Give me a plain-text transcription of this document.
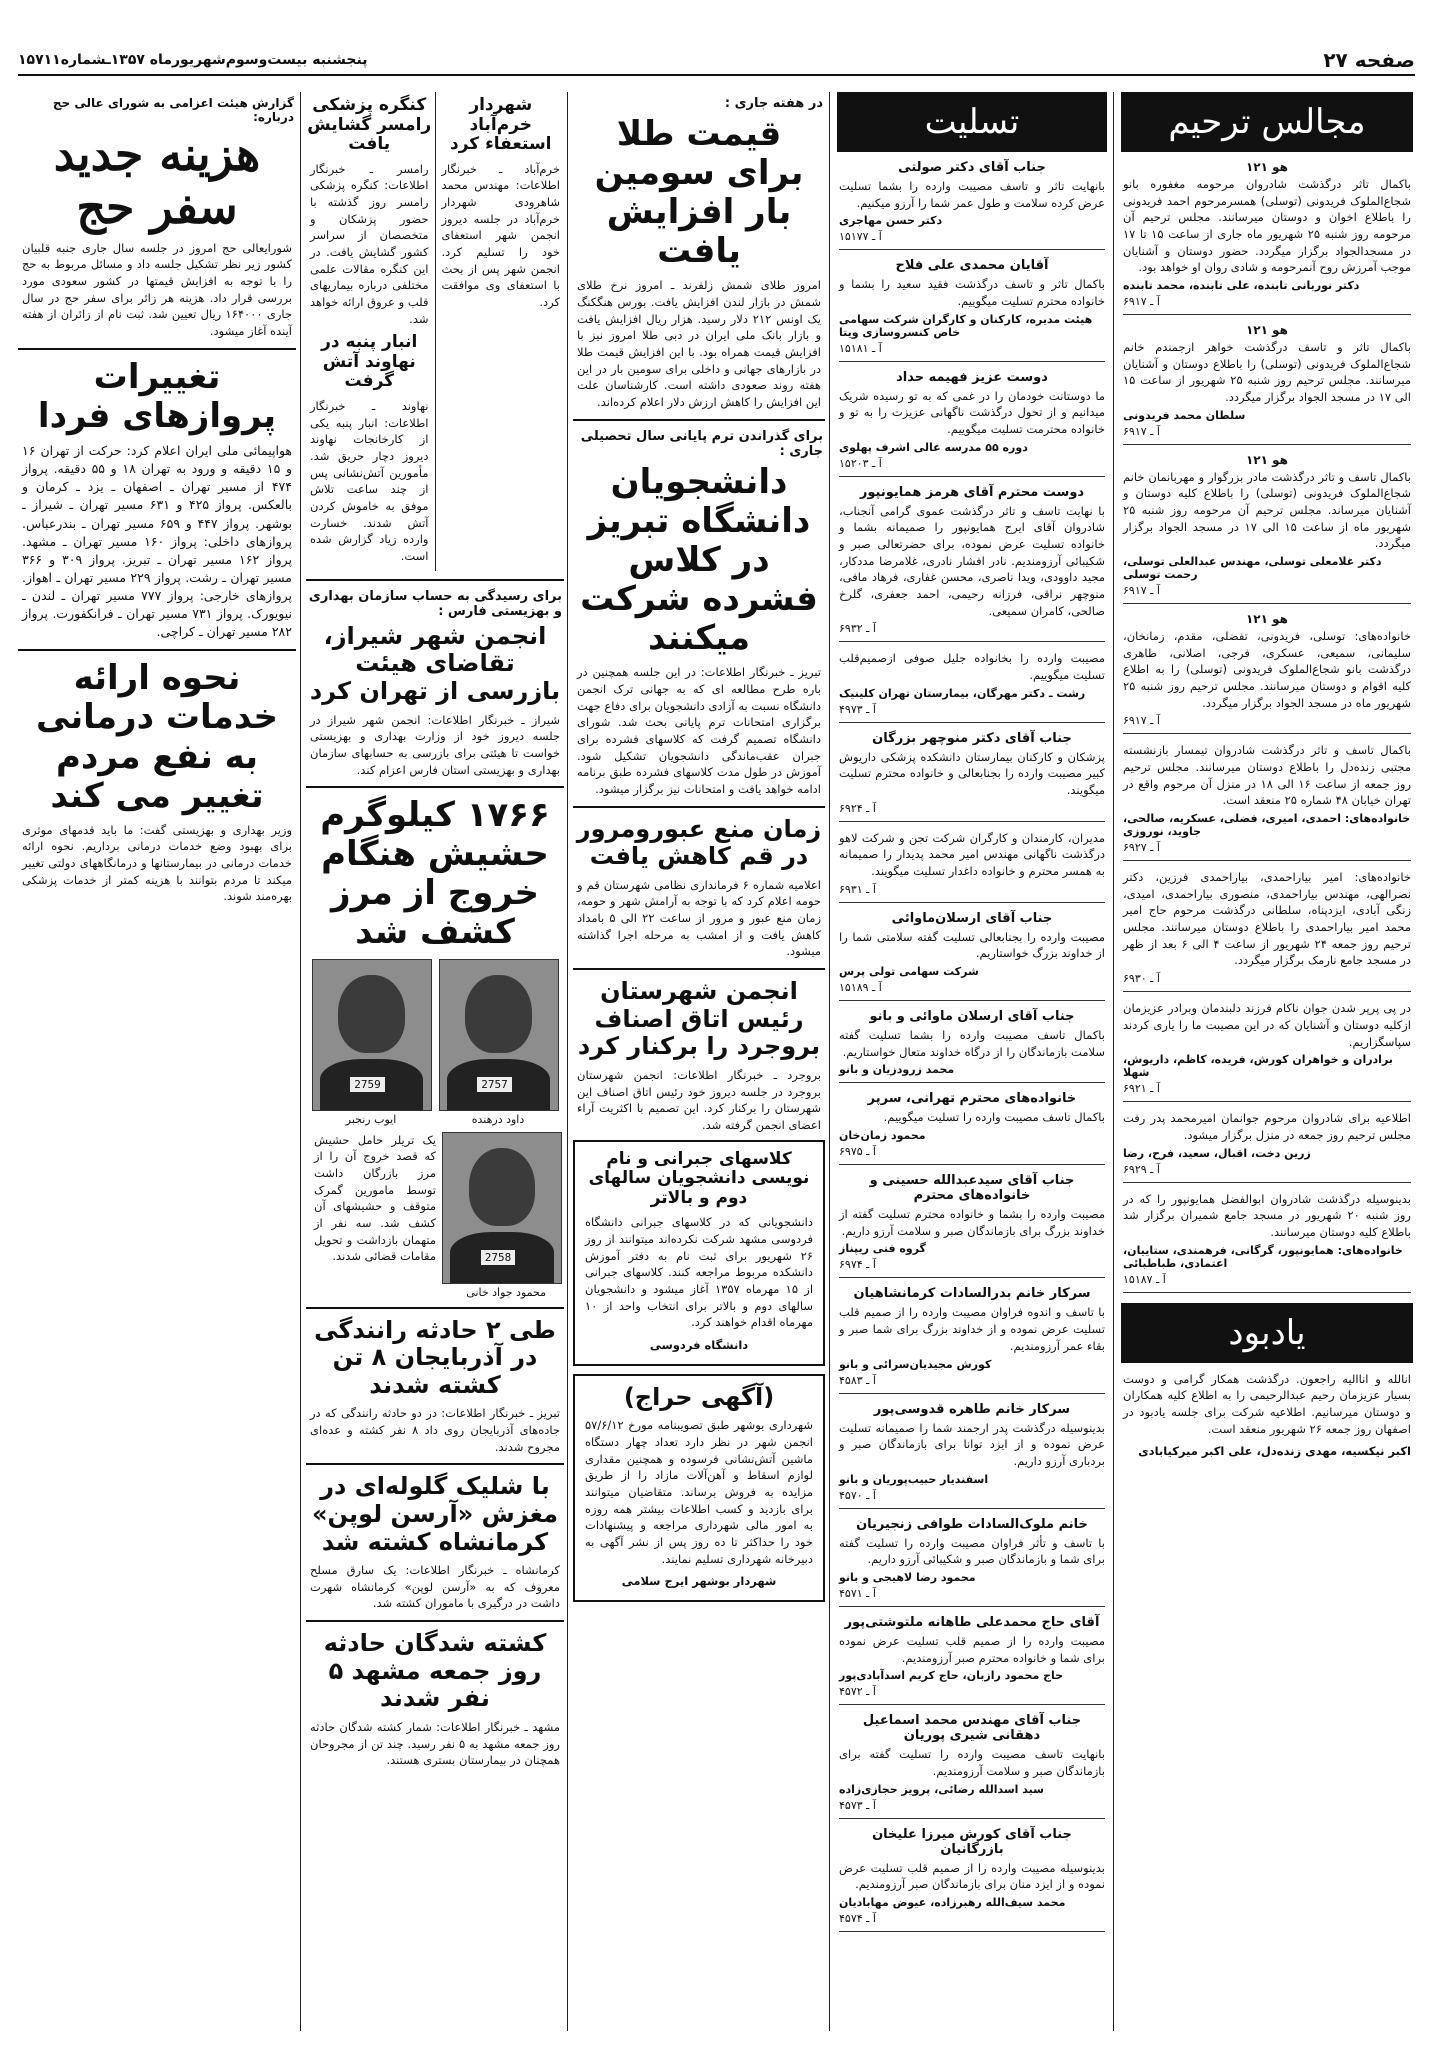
صفحه ۲۷
پنجشنبه بیست‌وسوم‌شهریورماه ۱۳۵۷ـشماره۱۵۷۱۱
مجالس ترحیم
هو ۱۲۱
باکمال تاثر درگذشت شادروان مرحومه مغفوره بانو شجاع‌الملوک فریدونی (توسلی) همسرمرحوم احمد فریدونی را باطلاع اخوان و دوستان میرسانند. مجلس ترحیم آن مرحومه روز شنبه ۲۵ شهریور ماه جاری از ساعت ۱۵ تا ۱۷ در مسجدالجواد برگزار میگردد. حضور دوستان و آشنایان موجب آمرزش روح آنمرحومه و شادی روان او خواهد بود.
دکتر نوربانی تابنده، علی تابنده، محمد تابنده
آ ـ ۶۹۱۷
هو ۱۲۱
باکمال تاثر و تاسف درگذشت خواهر ارجمندم خانم شجاع‌الملوک فریدونی (توسلی) را باطلاع دوستان و آشنایان میرسانند. مجلس ترحیم روز شنبه ۲۵ شهریور از ساعت ۱۵ الی ۱۷ در مسجد الجواد برگزار میگردد.
سلطان محمد فریدونی
آ ـ ۶۹۱۷
هو ۱۲۱
باکمال تاسف و تاثر درگذشت مادر بزرگوار و مهربانمان خانم شجاع‌الملوک فریدونی (توسلی) را باطلاع کلیه دوستان و آشنایان میرساند. مجلس ترحیم آن مرحومه روز شنبه ۲۵ شهریور ماه از ساعت ۱۵ الی ۱۷ در مسجد الجواد برگزار میگردد.
دکتر غلامعلی توسلی، مهندس عبدالعلی توسلی، رحمت توسلی
آ ـ ۶۹۱۷
هو ۱۲۱
خانواده‌های: توسلی، فریدونی، تفضلی، مقدم، زمانخان، سلیمانی، سمیعی، عسکری، فرجی، اصلانی، طاهری درگذشت بانو شجاع‌الملوک فریدونی (توسلی) را به اطلاع کلیه اقوام و دوستان میرسانند. مجلس ترحیم روز شنبه ۲۵ شهریور ماه در مسجد الجواد برگزار میگردد.
آ ـ ۶۹۱۷
باکمال تاسف و تاثر درگذشت شادروان تیمسار بازنشسته مجتبی زنده‌دل را باطلاع دوستان میرسانند. مجلس ترحیم روز جمعه از ساعت ۱۶ الی ۱۸ در منزل آن مرحوم واقع در تهران خیابان ۴۸ شماره ۲۵ منعقد است.
خانواده‌های: احمدی، امیری، فضلی، عسکریه، صالحی، جاوید، نوروزی
آ ـ ۶۹۲۷
خانواده‌های: امیر بیاراحمدی، بیاراحمدی فرزین، دکتر نصرالهی، مهندس بیاراحمدی، منصوری بیاراحمدی، امیدی، زنگی آبادی، ایزدپناه، سلطانی درگذشت مرحوم حاج امیر محمد امیر بیاراحمدی را باطلاع دوستان میرسانند. مجلس ترحیم روز جمعه ۲۴ شهریور از ساعت ۴ الی ۶ بعد از ظهر در مسجد جامع نارمک برگزار میگردد.
آ ـ ۶۹۳۰
در پی پرپر شدن جوان ناکام فرزند دلبندمان وبرادر عزیزمان ازکلیه دوستان و آشنایان که در این مصیبت ما را یاری کردند سپاسگزاریم.
برادران و خواهران کورش، فریده، کاظم، داریوش، شهلا
آ ـ ۶۹۲۱
اطلاعیه برای شادروان مرحوم جوانمان امیرمحمد پدر رفت مجلس ترحیم روز جمعه در منزل برگزار میشود.
زرین دخت، اقبال، سعید، فرح، رضا
آ ـ ۶۹۲۹
بدینوسیله درگذشت شادروان ابوالفضل همایونپور را که در روز شنبه ۲۰ شهریور در مسجد جامع شمیران برگزار شد باطلاع کلیه دوستان میرسانند.
خانواده‌های: همایونپور، گرگانی، فرهمندی، ستاییان، اعتمادی، طباطبائی
آ ـ ۱۵۱۸۷
یادبود
انالله و اناالیه راجعون. درگذشت همکار گرامی و دوست بسیار عزیزمان رحیم عبدالرحیمی را به اطلاع کلیه همکاران و دوستان میرسانیم. اطلاعیه شرکت برای جلسه یادبود در اصفهان روز جمعه ۲۶ شهریور منعقد است.
اکبر نیکسیه، مهدی زنده‌دل، علی اکبر میرکیابادی
تسلیت
جناب آقای دکتر صولتی
بانهایت تاثر و تاسف مصیبت وارده را بشما تسلیت عرض کرده سلامت و طول عمر شما را آرزو میکنیم.
دکتر حسن مهاجری
آ ـ ۱۵۱۷۷
آقایان محمدی علی فلاح
باکمال تاثر و تاسف درگذشت فقید سعید را بشما و خانواده محترم تسلیت میگوییم.
هیئت مدیره، کارکنان و کارگران شرکت سهامی خاص کنسروسازی ویتا
آ ـ ۱۵۱۸۱
دوست عزیز فهیمه حداد
ما دوستانت خودمان را در غمی که به تو رسیده شریک میدانیم و از تحول درگذشت ناگهانی عزیزت را به تو و خانواده محترمت تسلیت میگوییم.
دوره ۵۵ مدرسه عالی اشرف پهلوی
آ ـ ۱۵۲۰۳
دوست محترم آقای هرمز همایونپور
با نهایت تاسف و تاثر درگذشت عموی گرامی آنجناب، شادروان آقای ایرج همایونپور را صمیمانه بشما و خانواده تسلیت عرض نموده، برای حضرتعالی صبر و شکیبائی آرزومندیم. نادر افشار نادری، غلامرضا مددکار، مجید داوودی، ویدا ناصری، محسن غفاری، فرهاد مافی، منوچهر نراقی، فرزانه رحیمی، احمد جعفری، گلرخ صالحی، کامران سمیعی.
آ ـ ۶۹۳۲
مصیبت وارده را بخانواده جلیل صوفی ازصمیم‌قلب تسلیت میگوییم.
رشت ـ دکتر مهرگان، بیمارستان تهران کلینیک
آ ـ ۴۹۷۳
جناب آقای دکتر منوچهر بزرگان
پزشکان و کارکنان بیمارستان دانشکده پزشکی داریوش کبیر مصیبت وارده را بجنابعالی و خانواده محترم تسلیت میگویند.
آ ـ ۶۹۲۴
مدیران، کارمندان و کارگران شرکت تجن و شرکت لاهو درگذشت ناگهانی مهندس امیر محمد پدیدار را صمیمانه به همسر محترم و خانواده داغدار تسلیت میگویند.
آ ـ ۶۹۳۱
جناب آقای ارسلان‌ماوائی
مصیبت وارده را بجنابعالی تسلیت گفته سلامتی شما را از خداوند بزرگ خواستاریم.
شرکت سهامی تولی پرس
آ ـ ۱۵۱۸۹
جناب آقای ارسلان ماوائی و بانو
باکمال تاسف مصیبت وارده را بشما تسلیت گفته سلامت بازماندگان را از درگاه خداوند متعال خواستاریم.
محمد زرودزیان و بانو
خانواده‌های محترم تهرانی، سرپر
باکمال تاسف مصیبت وارده را تسلیت میگوییم.
محمود زمان‌خان
آ ـ ۶۹۷۵
جناب آقای سیدعبدالله حسینی و خانواده‌های محترم
مصیبت وارده را بشما و خانواده محترم تسلیت گفته از خداوند بزرگ برای بازماندگان صبر و سلامت آرزو داریم.
گروه فنی ریپناز
آ ـ ۶۹۷۴
سرکار خانم بدرالسادات کرمانشاهیان
با تاسف و اندوه فراوان مصیبت وارده را از صمیم قلب تسلیت عرض نموده و از خداوند بزرگ برای شما صبر و بقاء عمر آرزومندیم.
کورش مجیدیان‌سرائی و بانو
آ ـ ۴۵۸۳
سرکار خانم طاهره قدوسی‌پور
بدینوسیله درگذشت پدر ارجمند شما را صمیمانه تسلیت عرض نموده و از ایزد توانا برای بازماندگان صبر و بردباری آرزو داریم.
اسفندیار حبیب‌پوریان و بانو
آ ـ ۴۵۷۰
خانم ملوک‌السادات طوافی زنجیریان
با تاسف و تأثر فراوان مصیبت وارده را تسلیت گفته برای شما و بازماندگان صبر و شکیبائی آرزو داریم.
محمود رضا لاهیجی و بانو
آ ـ ۴۵۷۱
آقای حاج محمدعلی طاهانه ملتوشتی‌پور
مصیبت وارده را از صمیم قلب تسلیت عرض نموده برای شما و خانواده محترم صبر آرزومندیم.
حاج محمود رازبان، حاج کریم اسدآبادی‌پور
آ ـ ۴۵۷۲
جناب آقای مهندس محمد اسماعیل دهقانی شیری پوریان
بانهایت تاسف مصیبت وارده را تسلیت گفته برای بازماندگان صبر و سلامت آرزومندیم.
سید اسدالله رضائی، پرویز حجازی‌زاده
آ ـ ۴۵۷۳
جناب آقای کورش میرزا علیخان بازرگانیان
بدینوسیله مصیبت وارده را از صمیم قلب تسلیت عرض نموده و از ایزد منان برای بازماندگان صبر آرزومندیم.
محمد سیف‌الله رهبرزاده، عیوض مهابادیان
آ ـ ۴۵۷۴
در هفته جاری :
قیمت طلا برای سومین بار افزایش یافت
امروز طلای شمش زلفرند ـ امروز نرخ طلای شمش در بازار لندن افزایش یافت. بورس هنگکنگ یک اونس ۲۱۲ دلار رسید. هزار ریال افزایش یافت و بازار بانک ملی ایران در دبی طلا امروز نیز با افزایش قیمت همراه بود. با این افزایش قیمت طلا در بازارهای جهانی و داخلی برای سومین بار در این هفته روند صعودی داشته است. کارشناسان علت این افزایش را کاهش ارزش دلار اعلام کرده‌اند.
برای گذراندن ترم پایانی سال تحصیلی جاری :
دانشجویان دانشگاه تبریز در کلاس فشرده شرکت میکنند
تبریز ـ خبرنگار اطلاعات: در این جلسه همچنین در باره طرح مطالعه ای که به جهانی ترک انجمن دانشگاه نسبت به آزادی دانشجویان برای دفاع جهت برگزاری امتحانات ترم پایانی بحث شد. شورای دانشگاه تصمیم گرفت که کلاسهای فشرده برای جبران عقب‌ماندگی دانشجویان تشکیل شود. آموزش در طول مدت کلاسهای فشرده طبق برنامه ادامه خواهد یافت و امتحانات نیز برگزار میشود.
زمان منع عبورومرور در قم کاهش یافت
اعلامیه شماره ۶ فرمانداری نظامی شهرستان قم و حومه اعلام کرد که با توجه به آرامش شهر و حومه، زمان منع عبور و مرور از ساعت ۲۲ الی ۵ بامداد کاهش یافت و از امشب به مرحله اجرا گذاشته میشود.
انجمن شهرستان رئیس اتاق اصناف بروجرد را برکنار کرد
بروجرد ـ خبرنگار اطلاعات: انجمن شهرستان بروجرد در جلسه دیروز خود رئیس اتاق اصناف این شهرستان را برکنار کرد. این تصمیم با اکثریت آراء اعضای انجمن گرفته شد.
کلاسهای جبرانی و نام نویسی دانشجویان سالهای دوم و بالاتر
دانشجویانی که در کلاسهای جبرانی دانشگاه فردوسی مشهد شرکت نکرده‌اند میتوانند از روز ۲۶ شهریور برای ثبت نام به دفتر آموزش دانشکده مربوط مراجعه کنند. کلاسهای جبرانی از ۱۵ مهرماه ۱۳۵۷ آغاز میشود و دانشجویان سالهای دوم و بالاتر برای انتخاب واحد از ۱۰ مهرماه اقدام خواهند کرد.
دانشگاه فردوسی
(آگهی حراج)
شهرداری بوشهر طبق تصویبنامه مورخ ۵۷/۶/۱۲ انجمن شهر در نظر دارد تعداد چهار دستگاه ماشین آتش‌نشانی فرسوده و همچنین مقداری لوازم اسقاط و آهن‌آلات مازاد را از طریق مزایده به فروش برساند. متقاضیان میتوانند برای بازدید و کسب اطلاعات بیشتر همه روزه به امور مالی شهرداری مراجعه و پیشنهادات خود را حداکثر تا ده روز پس از نشر آگهی به دبیرخانه شهرداری تسلیم نمایند.
شهردار بوشهر ایرج سلامی
شهردار خرم‌آباد استعفاء کرد
خرم‌آباد ـ خبرنگار اطلاعات: مهندس محمد شاهرودی شهردار خرم‌آباد در جلسه دیروز انجمن شهر استعفای خود را تسلیم کرد. انجمن شهر پس از بحث با استعفای وی موافقت کرد.
کنگره پزشکی رامسر گشایش یافت
رامسر ـ خبرنگار اطلاعات: کنگره پزشکی رامسر روز گذشته با حضور پزشکان و متخصصان از سراسر کشور گشایش یافت. در این کنگره مقالات علمی مختلفی درباره بیماریهای قلب و عروق ارائه خواهد شد.
انبار پنبه در نهاوند آتش گرفت
نهاوند ـ خبرنگار اطلاعات: انبار پنبه یکی از کارخانجات نهاوند دیروز دچار حریق شد. مأمورین آتش‌نشانی پس از چند ساعت تلاش موفق به خاموش کردن آتش شدند. خسارت وارده زیاد گزارش شده است.
برای رسیدگی به حساب سازمان بهداری و بهزیستی فارس :
انجمن شهر شیراز، تقاضای هیئت بازرسی از تهران کرد
شیراز ـ خبرنگار اطلاعات: انجمن شهر شیراز در جلسه دیروز خود از وزارت بهداری و بهزیستی خواست تا هیئتی برای بازرسی به حسابهای سازمان بهداری و بهزیستی استان فارس اعزام کند.
۱۷۶۶ کیلوگرم حشیش هنگام خروج از مرز کشف شد
2757
2759
داود درهنده
ایوب رنجبر
2758
یک تریلر حامل حشیش که قصد خروج آن را از مرز بازرگان داشت توسط مامورین گمرک متوقف و حشیشهای آن کشف شد. سه نفر از متهمان بازداشت و تحویل مقامات قضائی شدند.
محمود جواد خانی
طی ۲ حادثه رانندگی در آذربایجان ۸ تن کشته شدند
تبریز ـ خبرنگار اطلاعات: در دو حادثه رانندگی که در جاده‌های آذربایجان روی داد ۸ نفر کشته و عده‌ای مجروح شدند.
با شلیک گلوله‌ای در مغزش «آرسن لوپن» کرمانشاه کشته شد
کرمانشاه ـ خبرنگار اطلاعات: یک سارق مسلح معروف که به «آرسن لوپن» کرمانشاه شهرت داشت در درگیری با ماموران کشته شد.
کشته شدگان حادثه روز جمعه مشهد ۵ نفر شدند
مشهد ـ خبرنگار اطلاعات: شمار کشته شدگان حادثه روز جمعه مشهد به ۵ نفر رسید. چند تن از مجروحان همچنان در بیمارستان بستری هستند.
گزارش هیئت اعزامی به شورای عالی حج درباره:
هزینه جدید سفر حج
شورایعالی حج امروز در جلسه سال جاری جنبه قلبیان کشور زیر نظر تشکیل جلسه داد و مسائل مربوط به حج را با توجه به افزایش قیمتها در کشور سعودی مورد بررسی قرار داد. هزینه هر زائر برای سفر حج در سال جاری ۱۶۴۰۰۰ ریال تعیین شد. ثبت نام از زائران از هفته آینده آغاز میشود.
تغییرات پروازهای فردا
هواپیمائی ملی ایران اعلام کرد: حرکت از تهران ۱۶ و ۱۵ دقیقه و ورود به تهران ۱۸ و ۵۵ دقیقه. پرواز ۴۷۴ از مسیر تهران ـ اصفهان ـ یزد ـ کرمان و بالعکس. پرواز ۴۲۵ و ۶۳۱ مسیر تهران ـ شیراز ـ بوشهر. پرواز ۴۴۷ و ۶۵۹ مسیر تهران ـ بندرعباس. پروازهای داخلی: پرواز ۱۶۰ مسیر تهران ـ مشهد. پرواز ۱۶۲ مسیر تهران ـ تبریز. پرواز ۳۰۹ و ۳۶۶ مسیر تهران ـ رشت. پرواز ۲۲۹ مسیر تهران ـ اهواز. پروازهای خارجی: پرواز ۷۷۷ مسیر تهران ـ لندن ـ نیویورک. پرواز ۷۳۱ مسیر تهران ـ فرانکفورت. پرواز ۲۸۲ مسیر تهران ـ کراچی.
نحوه ارائه خدمات درمانی به نفع مردم تغییر می کند
وزیر بهداری و بهزیستی گفت: ما باید قدمهای موثری برای بهبود وضع خدمات درمانی برداریم. نحوه ارائه خدمات درمانی در بیمارستانها و درمانگاههای دولتی تغییر میکند تا مردم بتوانند با هزینه کمتر از خدمات پزشکی بهره‌مند شوند.
